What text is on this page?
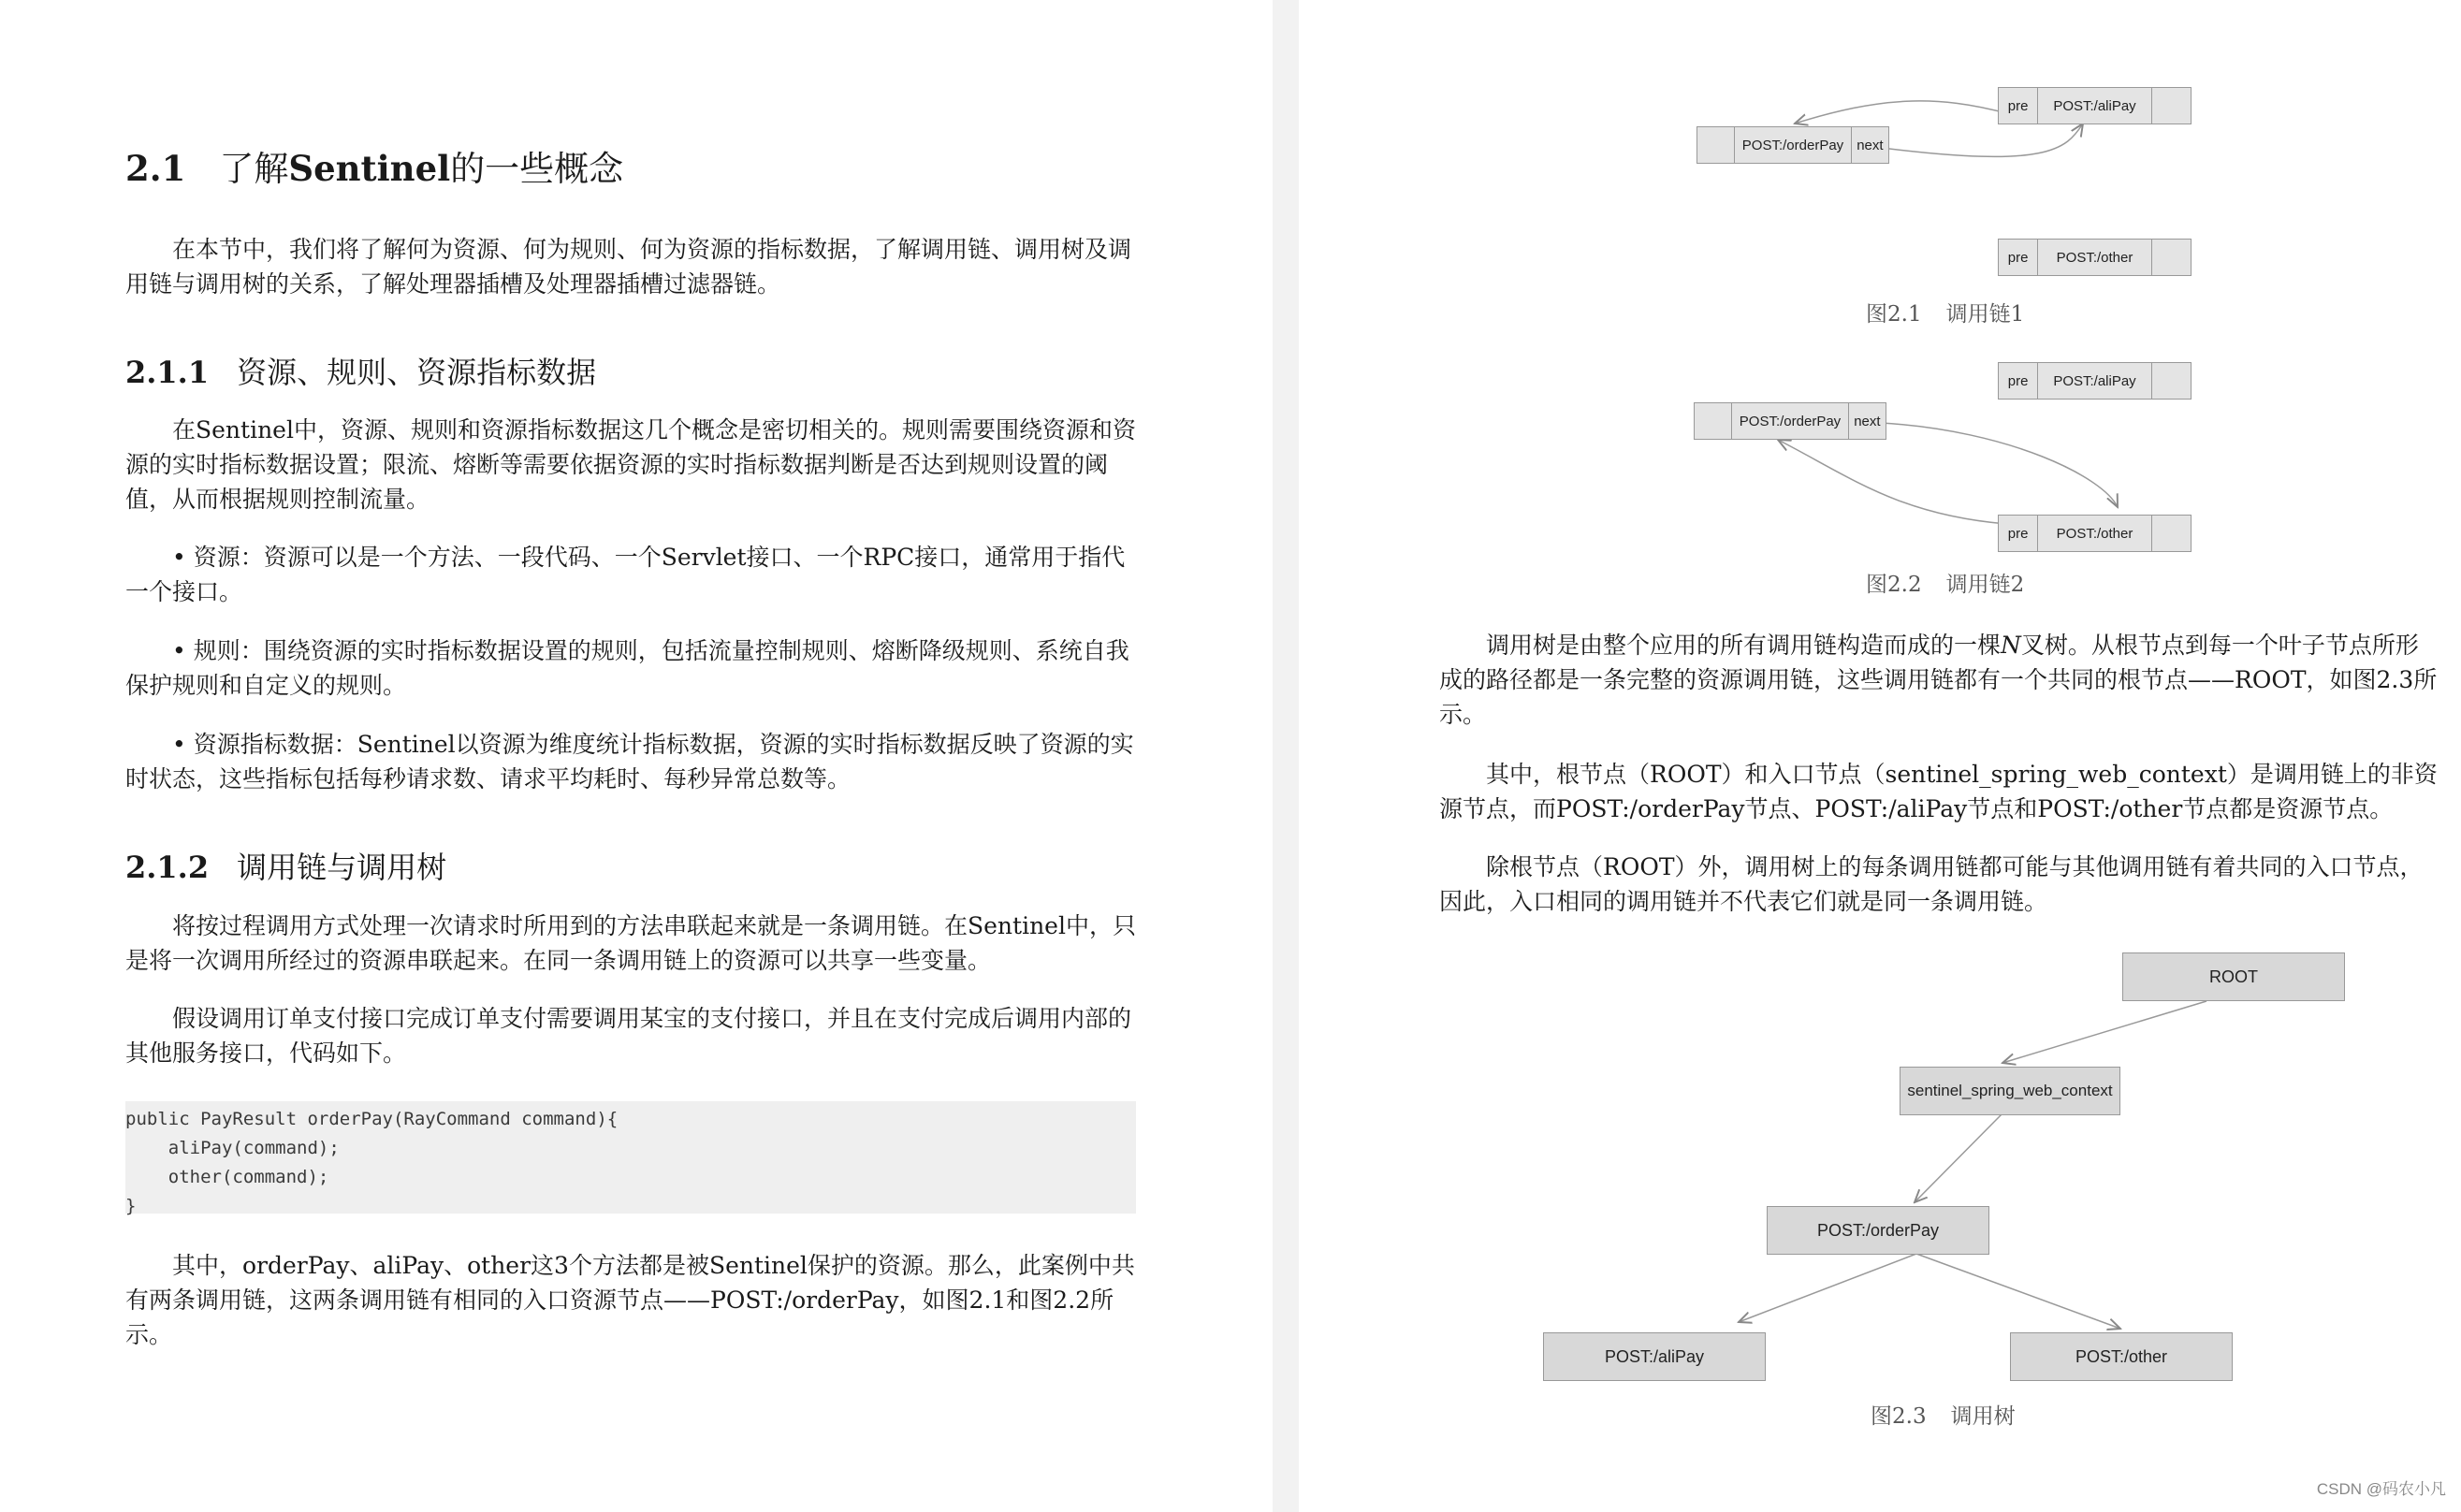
2.1 了解Sentinel的一些概念

在本节中，我们将了解何为资源、何为规则、何为资源的指标数据，了解调用链、调用树及调用链与调用树的关系，了解处理器插槽及处理器插槽过滤器链。

2.1.1 资源、规则、资源指标数据

在Sentinel中，资源、规则和资源指标数据这几个概念是密切相关的。规则需要围绕资源和资源的实时指标数据设置；限流、熔断等需要依据资源的实时指标数据判断是否达到规则设置的阈值，从而根据规则控制流量。

• 资源：资源可以是一个方法、一段代码、一个Servlet接口、一个RPC接口，通常用于指代一个接口。

• 规则：围绕资源的实时指标数据设置的规则，包括流量控制规则、熔断降级规则、系统自我保护规则和自定义的规则。

• 资源指标数据：Sentinel以资源为维度统计指标数据，资源的实时指标数据反映了资源的实时状态，这些指标包括每秒请求数、请求平均耗时、每秒异常总数等。

2.1.2 调用链与调用树

将按过程调用方式处理一次请求时所用到的方法串联起来就是一条调用链。在Sentinel中，只是将一次调用所经过的资源串联起来。在同一条调用链上的资源可以共享一些变量。

假设调用订单支付接口完成订单支付需要调用某宝的支付接口，并且在支付完成后调用内部的其他服务接口，代码如下。

public PayResult orderPay(RayCommand command){
aliPay(command);
other(command);
}

其中，orderPay、aliPay、other这3个方法都是被Sentinel保护的资源。那么，此案例中共有两条调用链，这两条调用链有相同的入口资源节点——POST:/orderPay，如图2.1和图2.2所示。

POST:/orderPay next
pre	POST:/aliPay
pre	POST:/other
图2.1 调用链1
POST:/orderPay next
pre	POST:/aliPay
pre	POST:/other
图2.2 调用链2

调用树是由整个应用的所有调用链构造而成的一棵N叉树。从根节点到每一个叶子节点所形成的路径都是一条完整的资源调用链，这些调用链都有一个共同的根节点——ROOT，如图2.3所示。

其中，根节点（ROOT）和入口节点（sentinel_spring_web_context）是调用链上的非资源节点，而POST:/orderPay节点、POST:/aliPay节点和POST:/other节点都是资源节点。

除根节点（ROOT）外，调用树上的每条调用链都可能与其他调用链有着共同的入口节点，因此，入口相同的调用链并不代表它们就是同一条调用链。

ROOT
sentinel_spring_web_context
POST:/orderPay
POST:/aliPay	POST:/other
图2.3 调用树
CSDN @码农小凡
